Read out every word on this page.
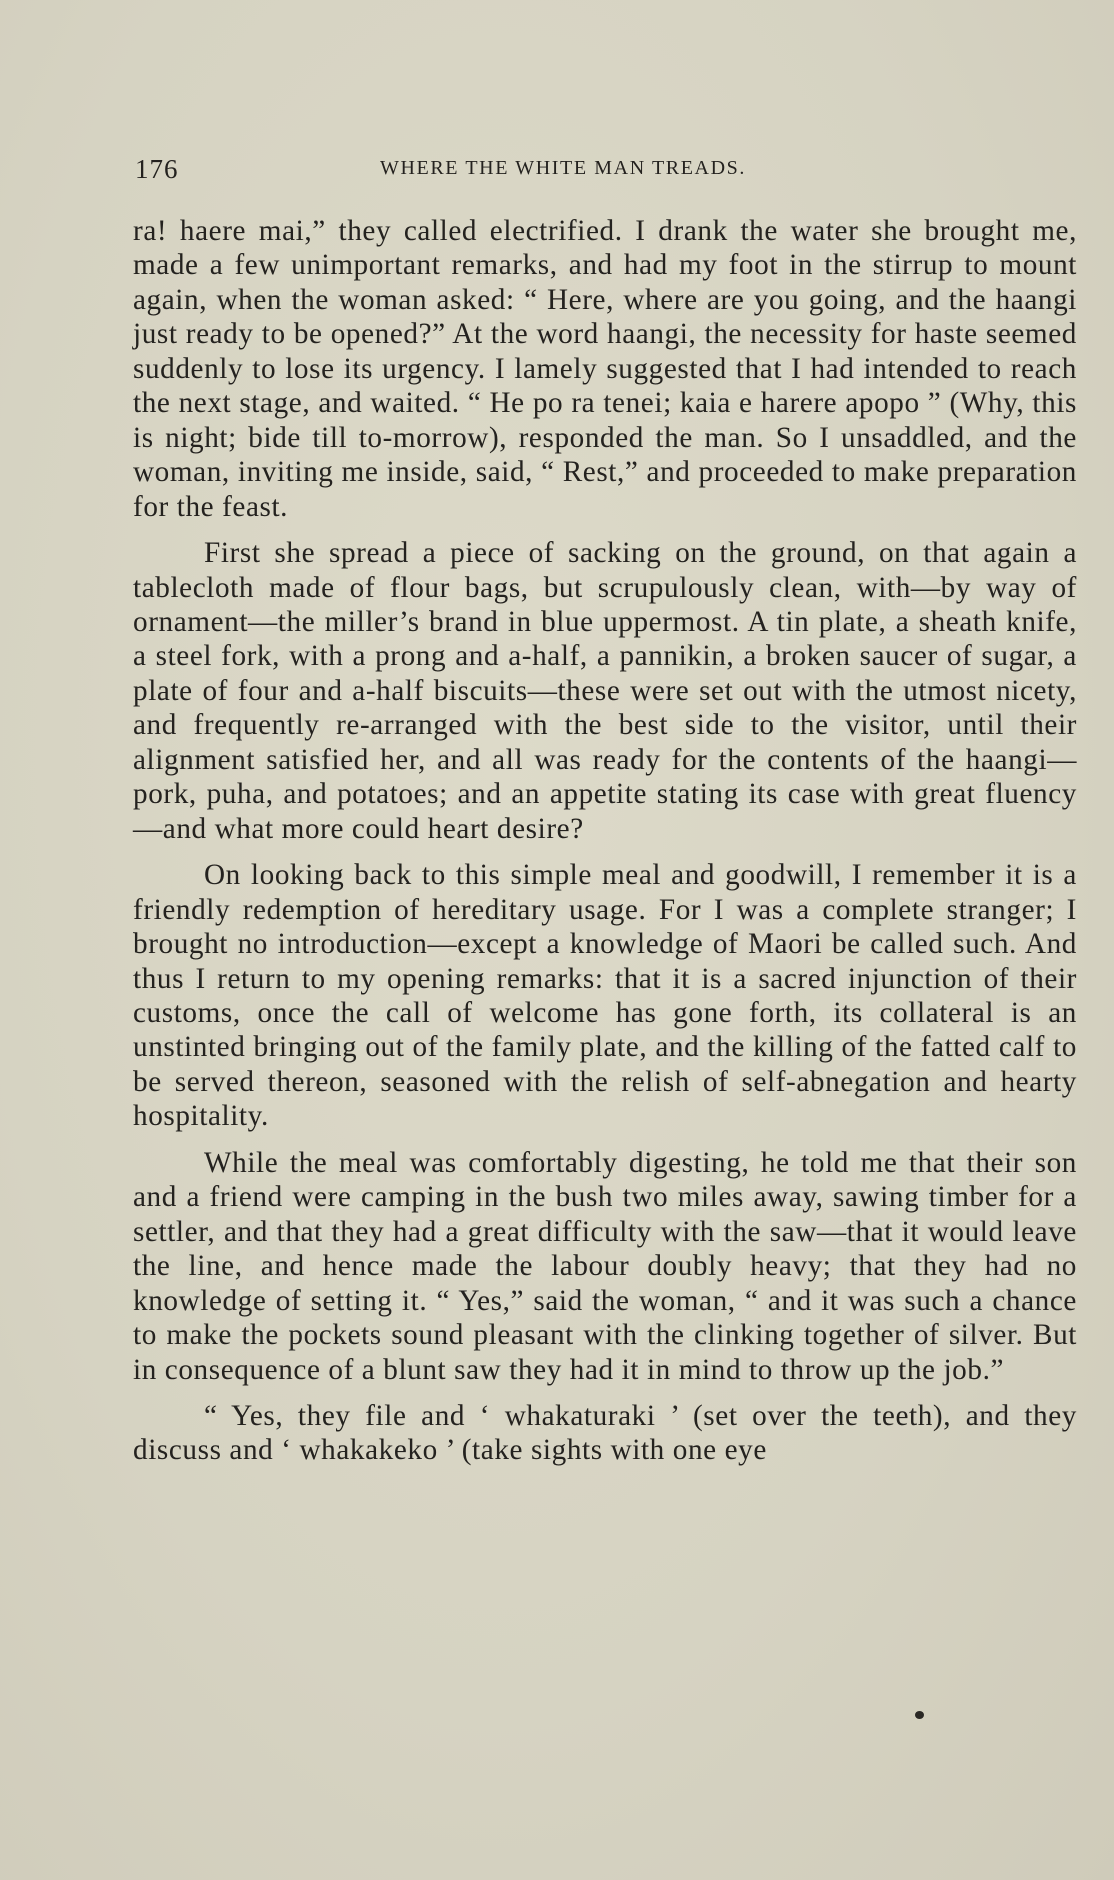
176	WHERE THE WHITE MAN TREADS.

ra! haere mai,” they called electrified. I drank the water she brought me, made a few unimportant remarks, and had my foot in the stirrup to mount again, when the woman asked: “ Here, where are you going, and the haangi just ready to be opened?” At the word haangi, the necessity for haste seemed suddenly to lose its urgency. I lamely suggested that I had intended to reach the next stage, and waited. “ He po ra tenei; kaia e harere apopo ” (Why, this is night; bide till to-morrow), responded the man. So I unsaddled, and the woman, inviting me inside, said, “ Rest,” and proceeded to make preparation for the feast.

First she spread a piece of sacking on the ground, on that again a tablecloth made of flour bags, but scrupulously clean, with—by way of ornament—the miller’s brand in blue uppermost. A tin plate, a sheath knife, a steel fork, with a prong and a-half, a pannikin, a broken saucer of sugar, a plate of four and a-half biscuits—these were set out with the utmost nicety, and frequently re-arranged with the best side to the visitor, until their alignment satisfied her, and all was ready for the contents of the haangi—pork, puha, and potatoes; and an appetite stating its case with great fluency—and what more could heart desire?

On looking back to this simple meal and goodwill, I remember it is a friendly redemption of hereditary usage. For I was a complete stranger; I brought no introduction—except a knowledge of Maori be called such. And thus I return to my opening remarks: that it is a sacred injunction of their customs, once the call of welcome has gone forth, its collateral is an unstinted bringing out of the family plate, and the killing of the fatted calf to be served thereon, seasoned with the relish of self-abnegation and hearty hospitality.

While the meal was comfortably digesting, he told me that their son and a friend were camping in the bush two miles away, sawing timber for a settler, and that they had a great difficulty with the saw—that it would leave the line, and hence made the labour doubly heavy; that they had no knowledge of setting it. “ Yes,” said the woman, “ and it was such a chance to make the pockets sound pleasant with the clinking together of silver. But in consequence of a blunt saw they had it in mind to throw up the job.”

“ Yes, they file and ‘ whakaturaki ’ (set over the teeth), and they discuss and ‘ whakakeko ’ (take sights with one eye
